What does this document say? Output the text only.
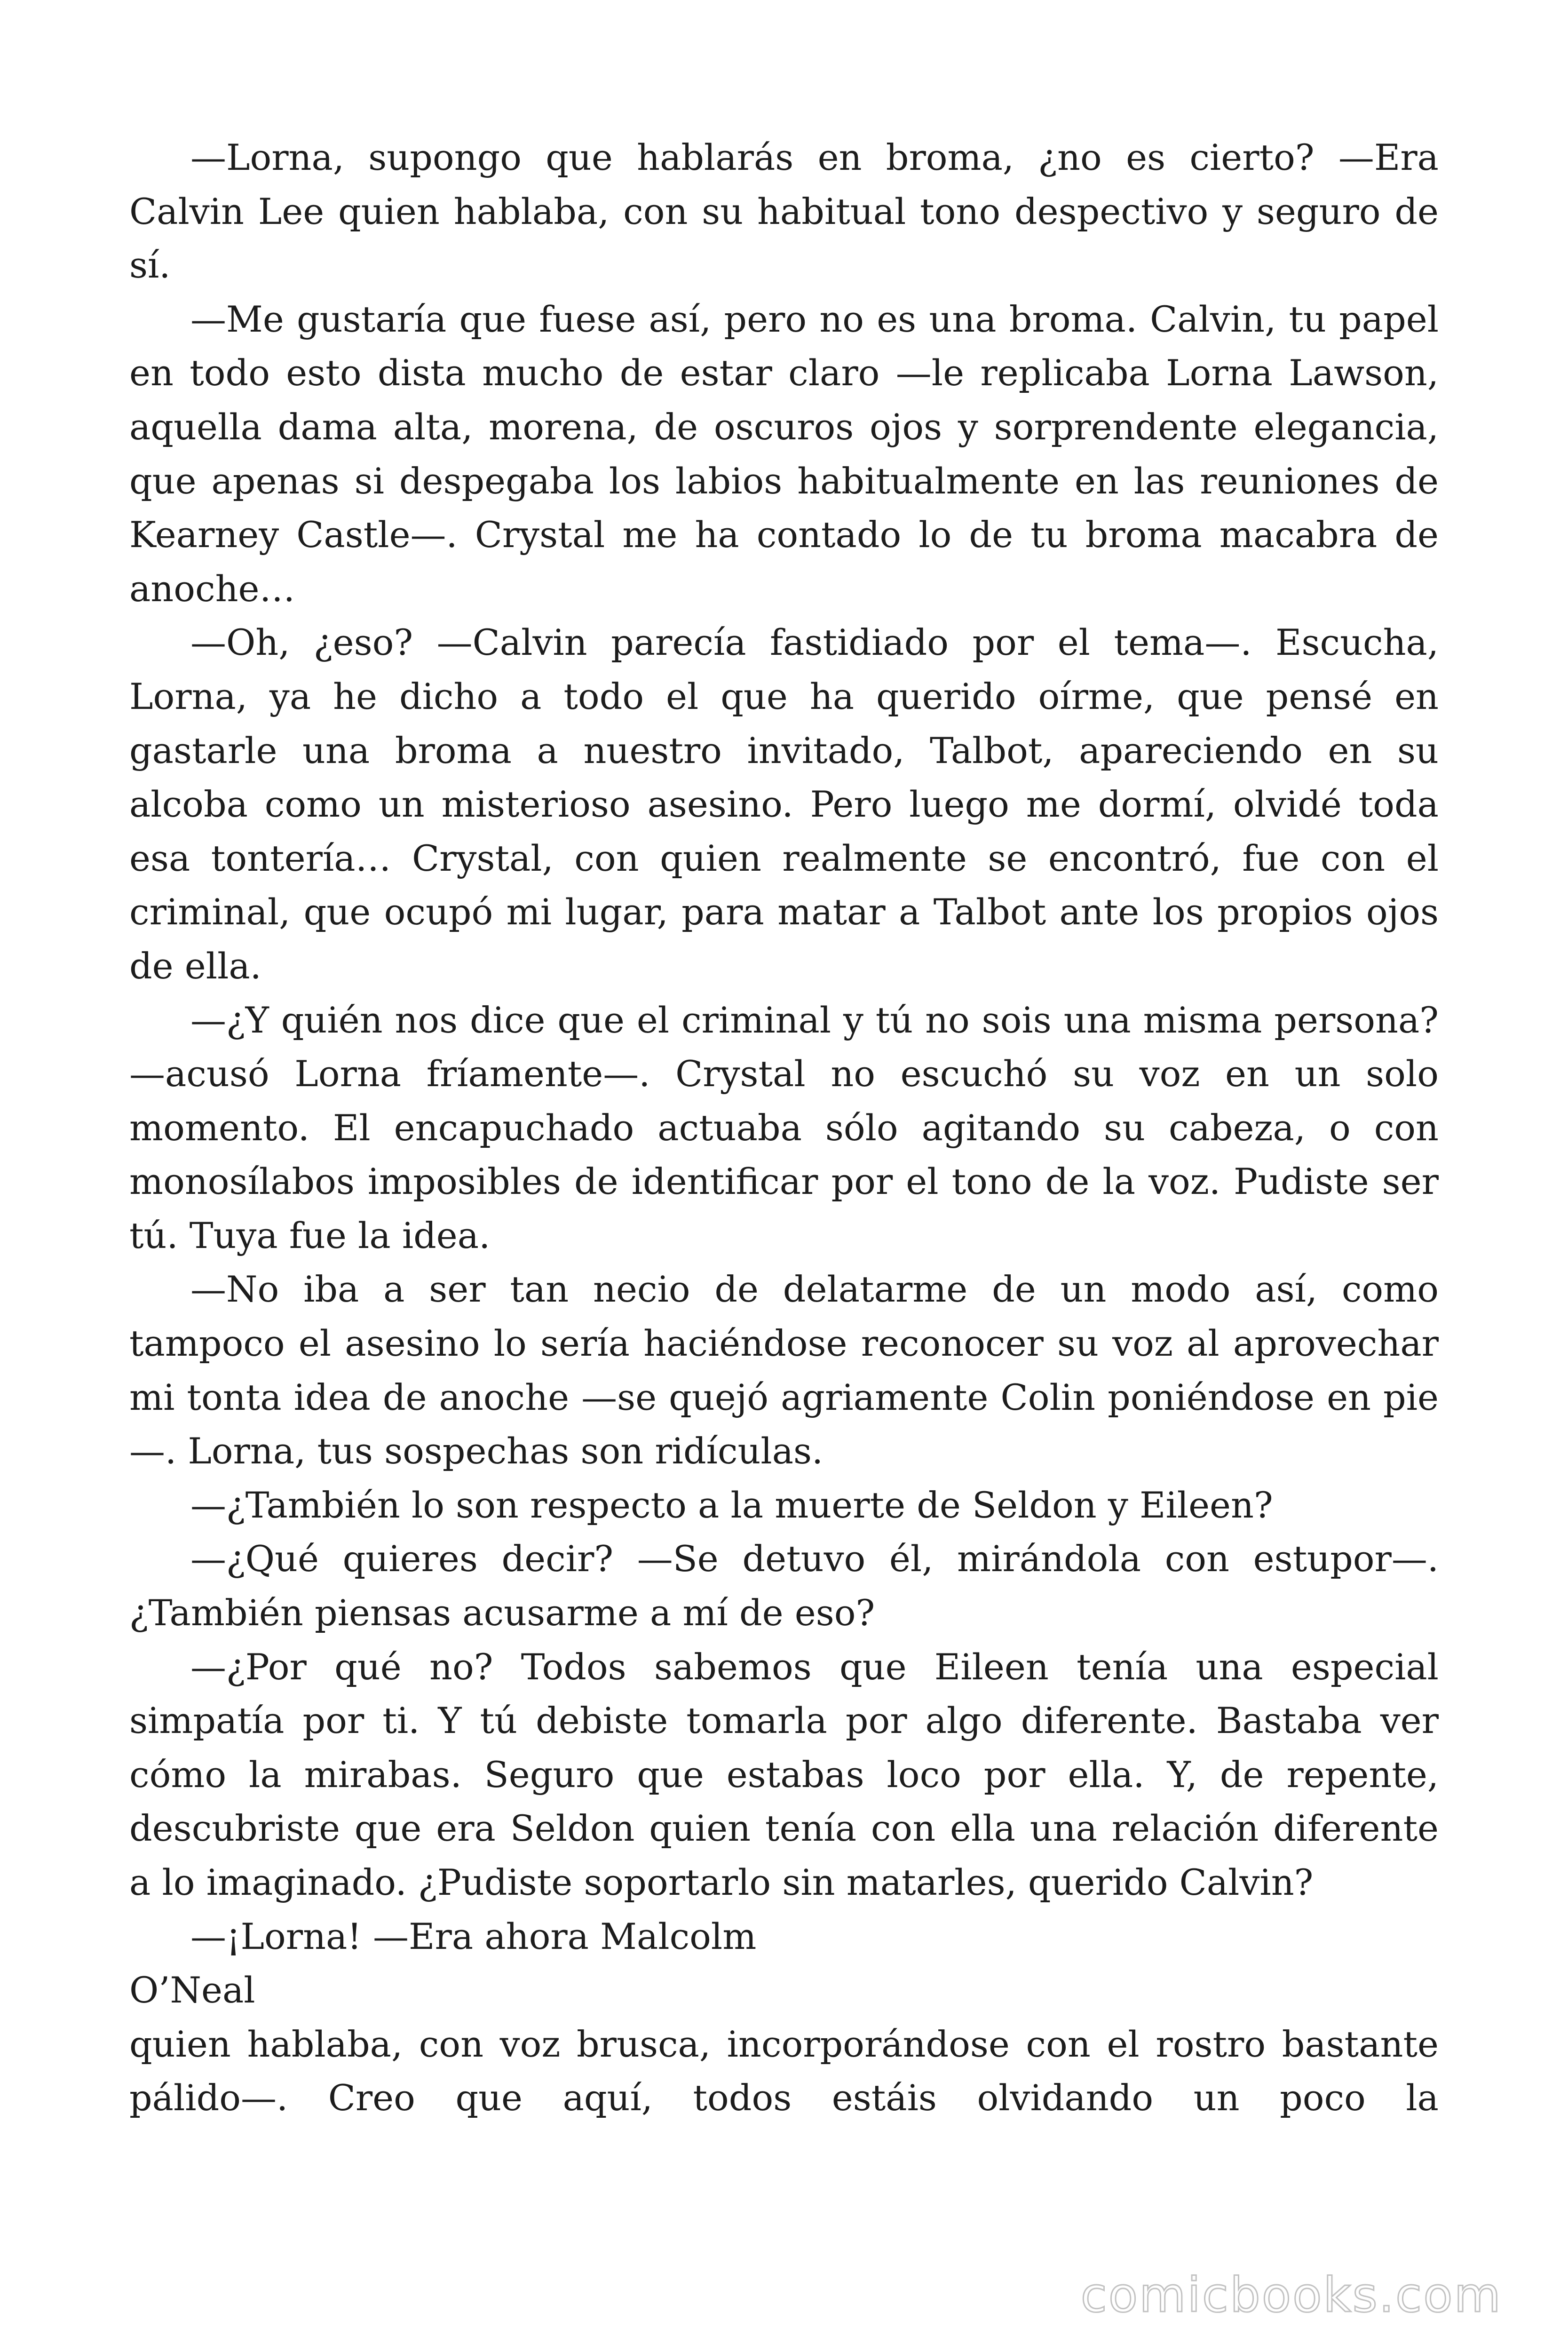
—Lorna, supongo que hablarás en broma, ¿no es cierto? —Era Calvin Lee quien hablaba, con su habitual tono despectivo y seguro de sí.

—Me gustaría que fuese así, pero no es una broma. Calvin, tu papel en todo esto dista mucho de estar claro —le replicaba Lorna Lawson, aquella dama alta, morena, de oscuros ojos y sorprendente elegancia, que apenas si despegaba los labios habitualmente en las reuniones de Kearney Castle—. Crystal me ha contado lo de tu broma macabra de anoche…

—Oh, ¿eso? —Calvin parecía fastidiado por el tema—. Escucha, Lorna, ya he dicho a todo el que ha querido oírme, que pensé en gastarle una broma a nuestro invitado, Talbot, apareciendo en su alcoba como un misterioso asesino. Pero luego me dormí, olvidé toda esa tontería… Crystal, con quien realmente se encontró, fue con el criminal, que ocupó mi lugar, para matar a Talbot ante los propios ojos de ella.

—¿Y quién nos dice que el criminal y tú no sois una misma persona? —acusó Lorna fríamente—. Crystal no escuchó su voz en un solo momento. El encapuchado actuaba sólo agitando su cabeza, o con monosílabos imposibles de identificar por el tono de la voz. Pudiste ser tú. Tuya fue la idea.

—No iba a ser tan necio de delatarme de un modo así, como tampoco el asesino lo sería haciéndose reconocer su voz al aprovechar mi tonta idea de anoche —se quejó agriamente Colin poniéndose en pie—. Lorna, tus sospechas son ridículas.

—¿También lo son respecto a la muerte de Seldon y Eileen?

—¿Qué quieres decir? —Se detuvo él, mirándola con estupor—. ¿También piensas acusarme a mí de eso?

—¿Por qué no? Todos sabemos que Eileen tenía una especial simpatía por ti. Y tú debiste tomarla por algo diferente. Bastaba ver cómo la mirabas. Seguro que estabas loco por ella. Y, de repente, descubriste que era Seldon quien tenía con ella una relación diferente a lo imaginado. ¿Pudiste soportarlo sin matarles, querido Calvin?

—¡Lorna! —Era ahora Malcolm

O’Neal

quien hablaba, con voz brusca, incorporándose con el rostro bastante pálido—. Creo que aquí, todos estáis olvidando un poco la

comicbooks.com
